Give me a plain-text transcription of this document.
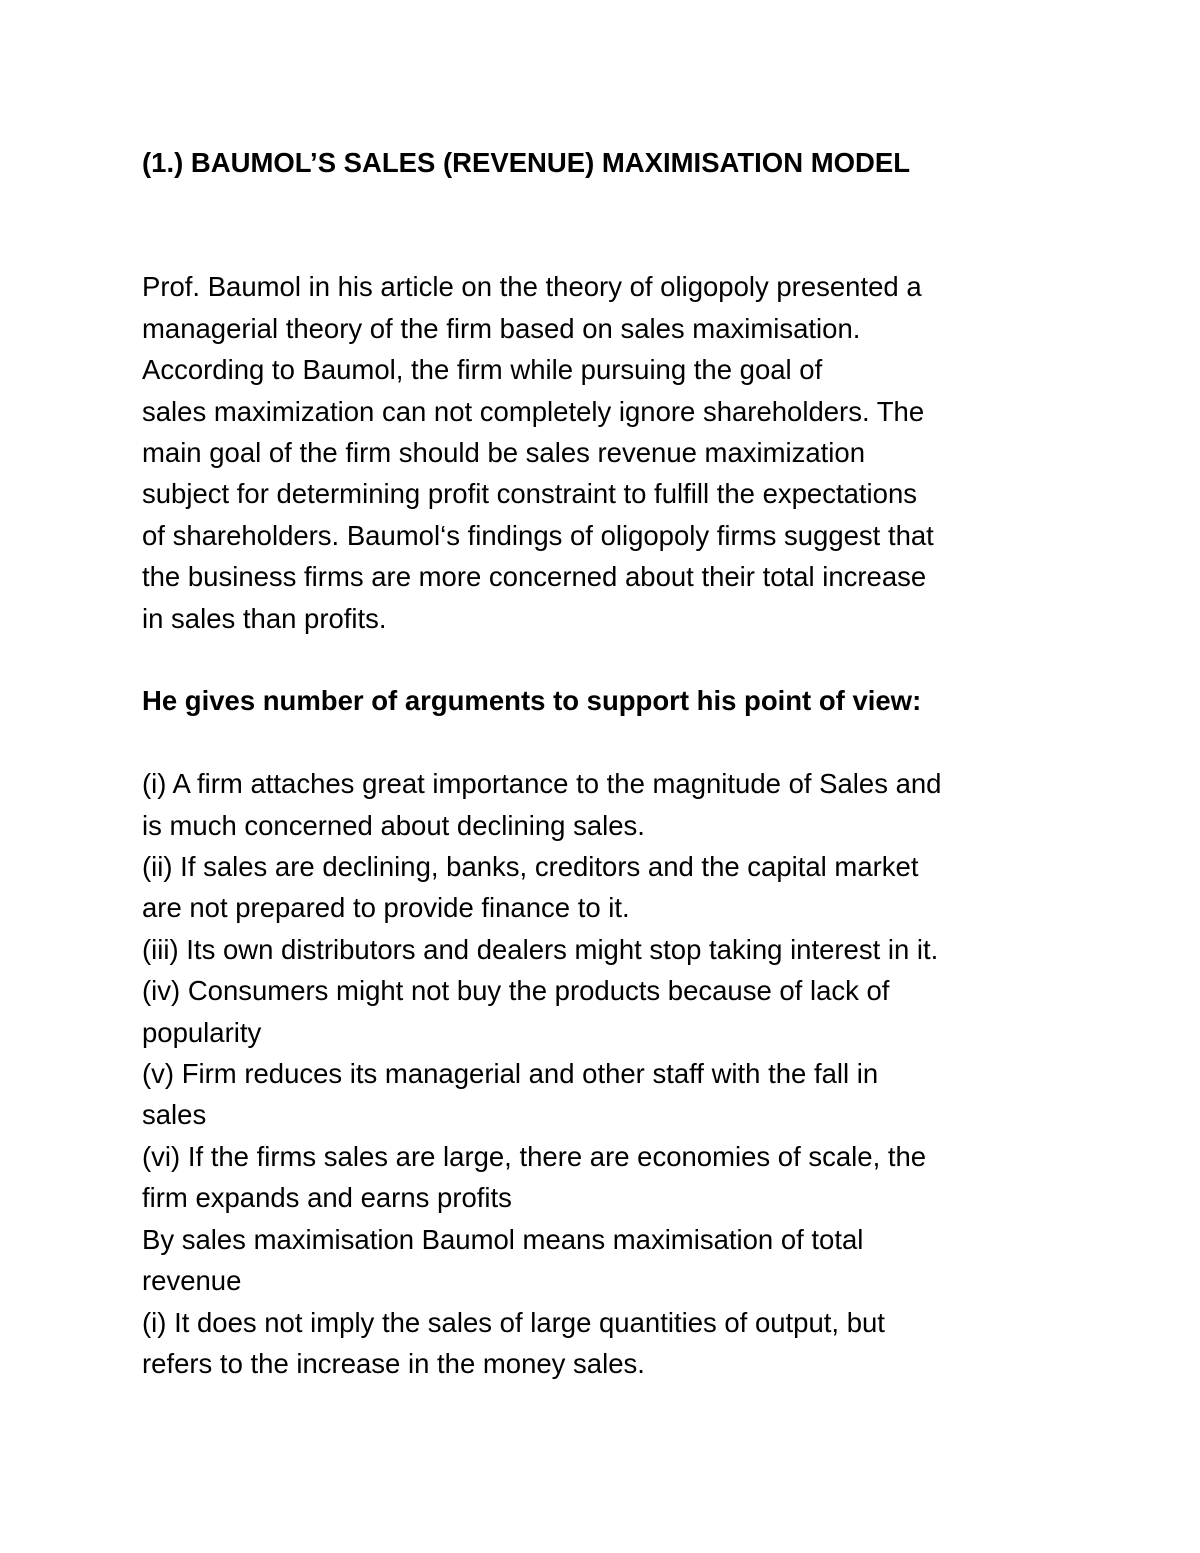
(1.) BAUMOL’S SALES (REVENUE) MAXIMISATION MODEL
Prof. Baumol in his article on the theory of oligopoly presented a
managerial theory of the firm based on sales maximisation.
According to Baumol, the firm while pursuing the goal of
sales maximization can not completely ignore shareholders. The
main goal of the firm should be sales revenue maximization
subject for determining profit constraint to fulfill the expectations
of shareholders. Baumol‘s findings of oligopoly firms suggest that
the business firms are more concerned about their total increase
in sales than profits.
He gives number of arguments to support his point of view:
(i) A firm attaches great importance to the magnitude of Sales and
is much concerned about declining sales.
(ii) If sales are declining, banks, creditors and the capital market
are not prepared to provide finance to it.
(iii) Its own distributors and dealers might stop taking interest in it.
(iv) Consumers might not buy the products because of lack of
popularity
(v) Firm reduces its managerial and other staff with the fall in
sales
(vi) If the firms sales are large, there are economies of scale, the
firm expands and earns profits
By sales maximisation Baumol means maximisation of total
revenue
(i) It does not imply the sales of large quantities of output, but
refers to the increase in the money sales.
